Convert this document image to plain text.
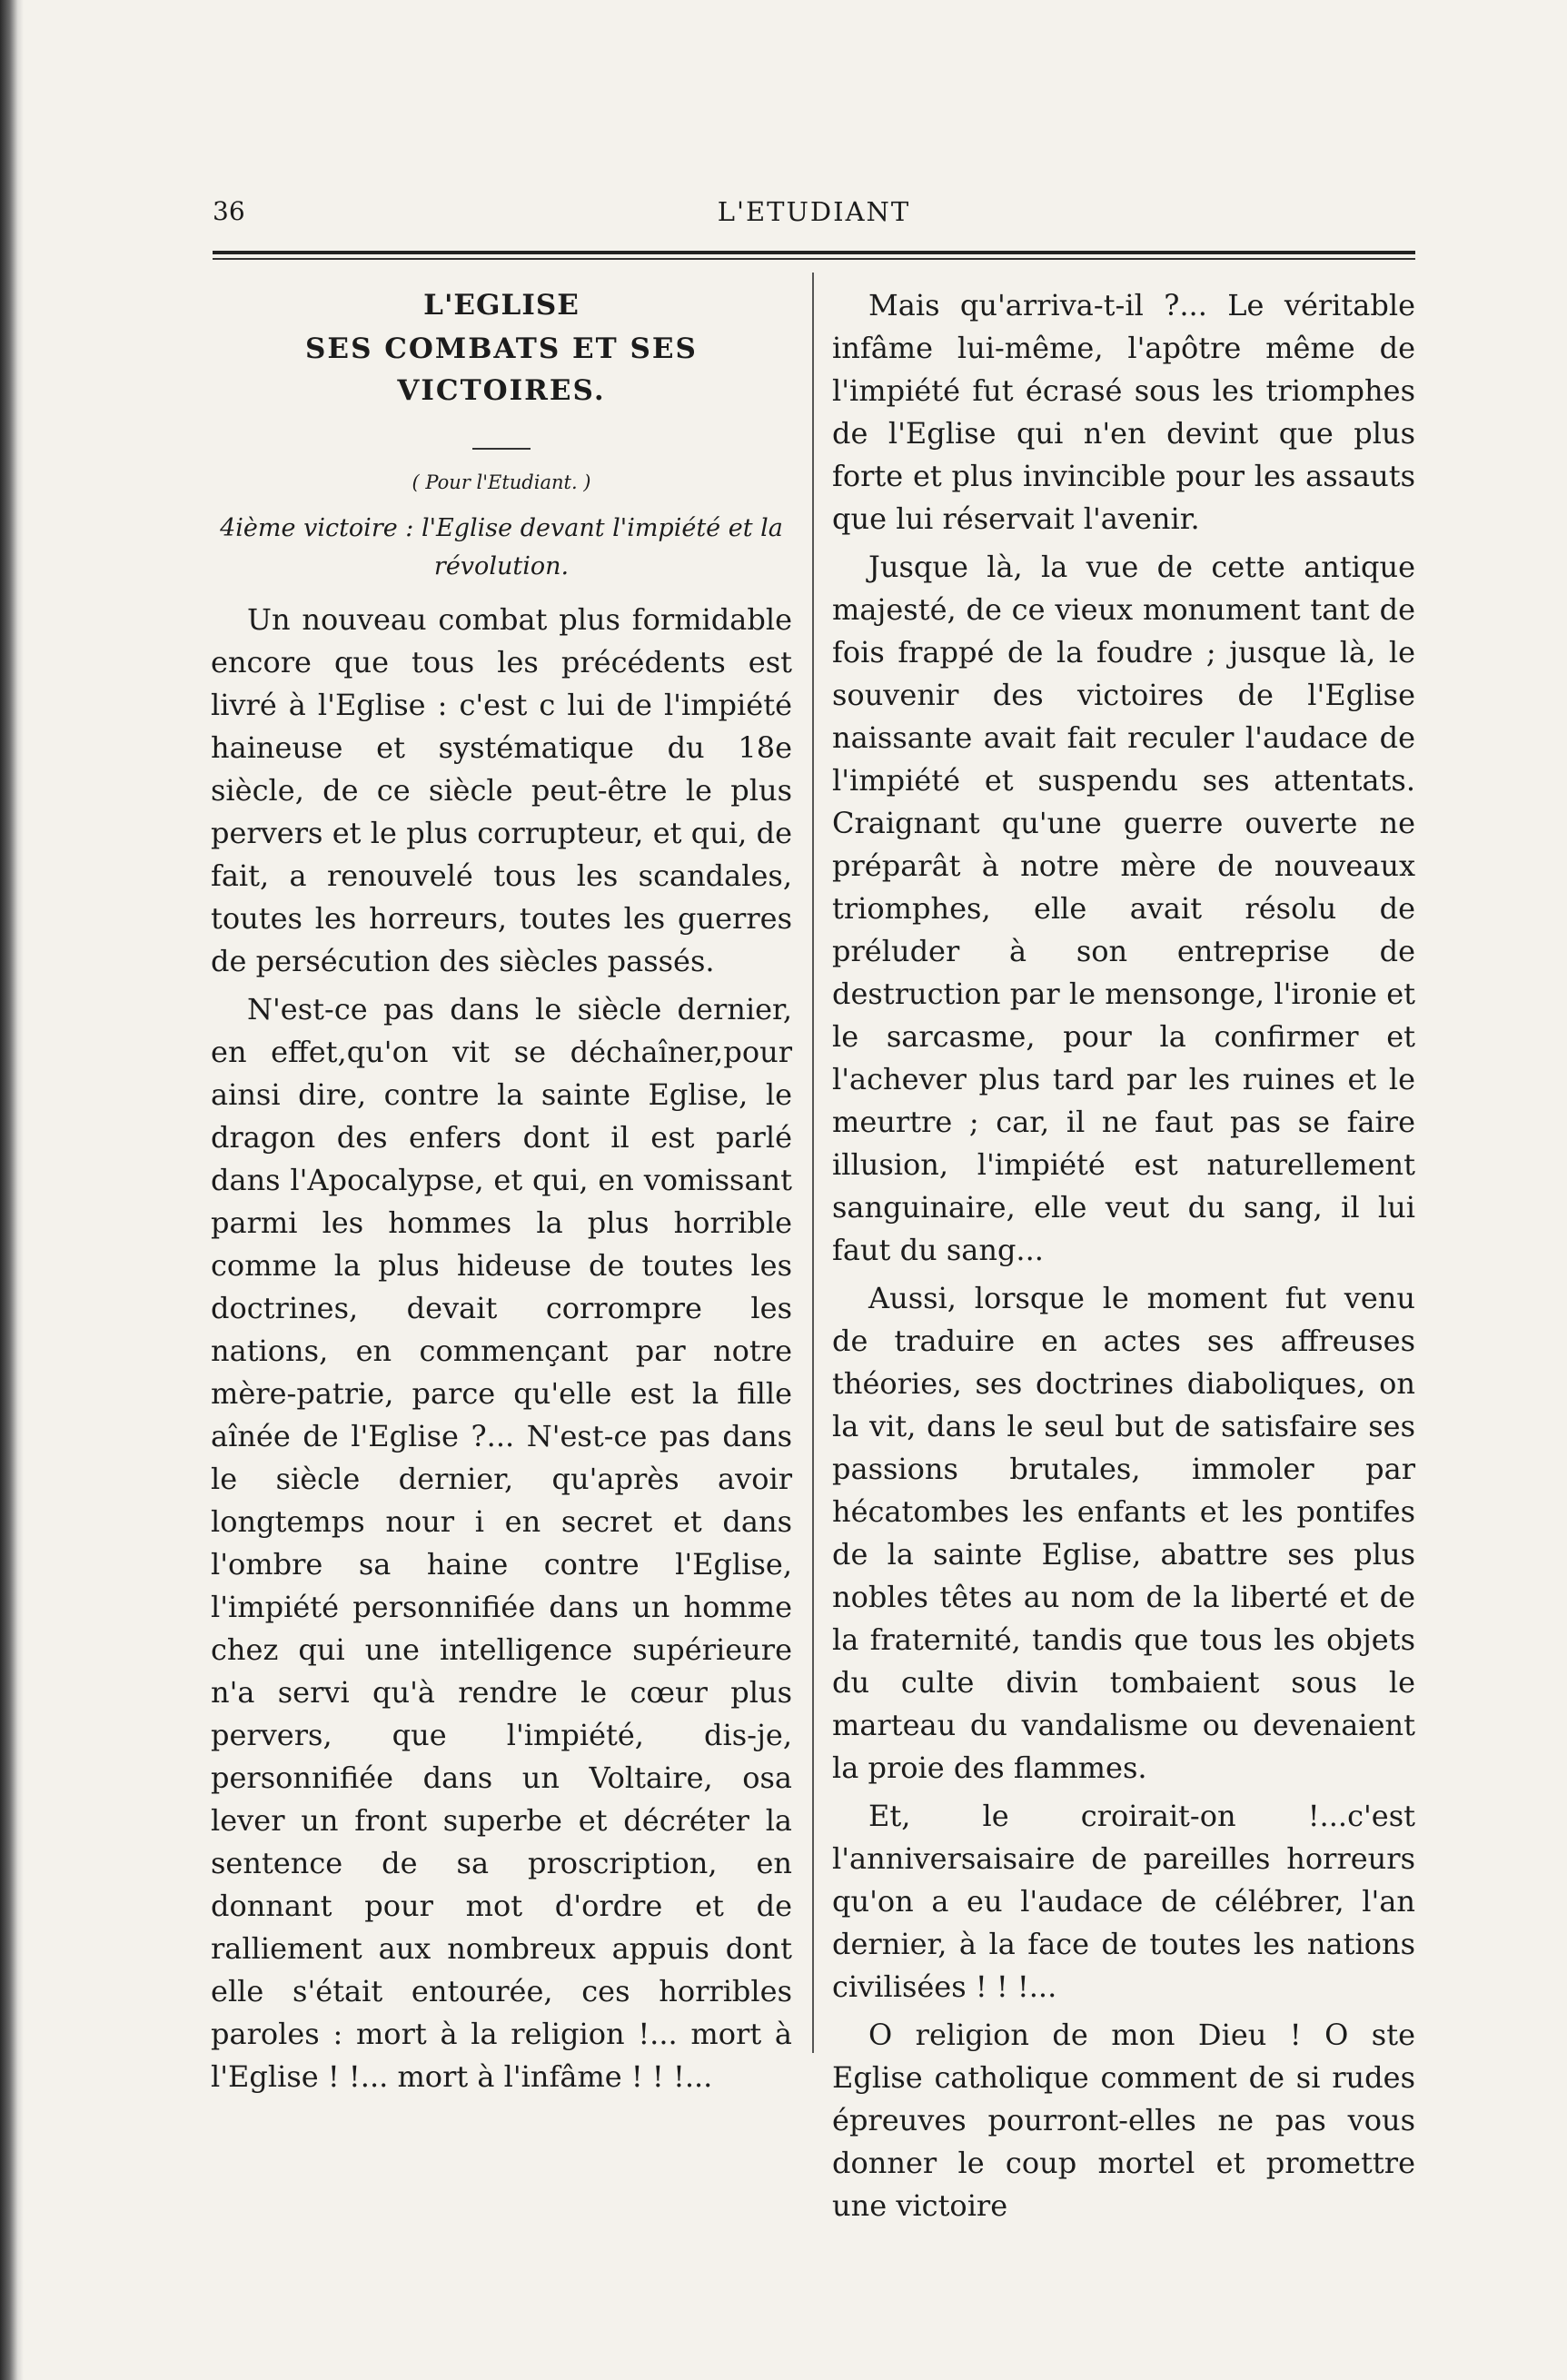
36	L'ETUDIANT
L'EGLISE
SES COMBATS ET SES VICTOIRES.
( Pour l'Etudiant. )
4ième victoire : l'Eglise devant l'impiété et la révolution.

Un nouveau combat plus formidable encore que tous les précédents est livré à l'Eglise : c'est c lui de l'impiété haineuse et systématique du 18e siècle, de ce siècle peut-être le plus pervers et le plus corrupteur, et qui, de fait, a renouvelé tous les scandales, toutes les horreurs, toutes les guerres de persécution des siècles passés.

N'est-ce pas dans le siècle dernier, en effet,qu'on vit se déchaîner,pour ainsi dire, contre la sainte Eglise, le dragon des enfers dont il est parlé dans l'Apocalypse, et qui, en vomissant parmi les hommes la plus horrible comme la plus hideuse de toutes les doctrines, devait corrompre les nations, en commençant par notre mère-patrie, parce qu'elle est la fille aînée de l'Eglise ?... N'est-ce pas dans le siècle dernier, qu'après avoir longtemps nour i en secret et dans l'ombre sa haine contre l'Eglise, l'impiété personnifiée dans un homme chez qui une intelligence supérieure n'a servi qu'à rendre le cœur plus pervers, que l'impiété, dis-je, personnifiée dans un Voltaire, osa lever un front superbe et décréter la sentence de sa proscription, en donnant pour mot d'ordre et de ralliement aux nombreux appuis dont elle s'était entourée, ces horribles paroles : mort à la religion !... mort à l'Eglise ! !... mort à l'infâme ! ! !...

Mais qu'arriva-t-il ?... Le véritable infâme lui-même, l'apôtre même de l'impiété fut écrasé sous les triomphes de l'Eglise qui n'en devint que plus forte et plus invincible pour les assauts que lui réservait l'avenir.

Jusque là, la vue de cette antique majesté, de ce vieux monument tant de fois frappé de la foudre ; jusque là, le souvenir des victoires de l'Eglise naissante avait fait reculer l'audace de l'impiété et suspendu ses attentats. Craignant qu'une guerre ouverte ne préparât à notre mère de nouveaux triomphes, elle avait résolu de préluder à son entreprise de destruction par le mensonge, l'ironie et le sarcasme, pour la confirmer et l'achever plus tard par les ruines et le meurtre ; car, il ne faut pas se faire illusion, l'impiété est naturellement sanguinaire, elle veut du sang, il lui faut du sang...

Aussi, lorsque le moment fut venu de traduire en actes ses affreuses théories, ses doctrines diaboliques, on la vit, dans le seul but de satisfaire ses passions brutales, immoler par hécatombes les enfants et les pontifes de la sainte Eglise, abattre ses plus nobles têtes au nom de la liberté et de la fraternité, tandis que tous les objets du culte divin tombaient sous le marteau du vandalisme ou devenaient la proie des flammes.

Et, le croirait-on !...c'est l'anniversaisaire de pareilles horreurs qu'on a eu l'audace de célébrer, l'an dernier, à la face de toutes les nations civilisées ! ! !...

O religion de mon Dieu ! O ste Eglise catholique comment de si rudes épreuves pourront-elles ne pas vous donner le coup mortel et promettre une victoire
